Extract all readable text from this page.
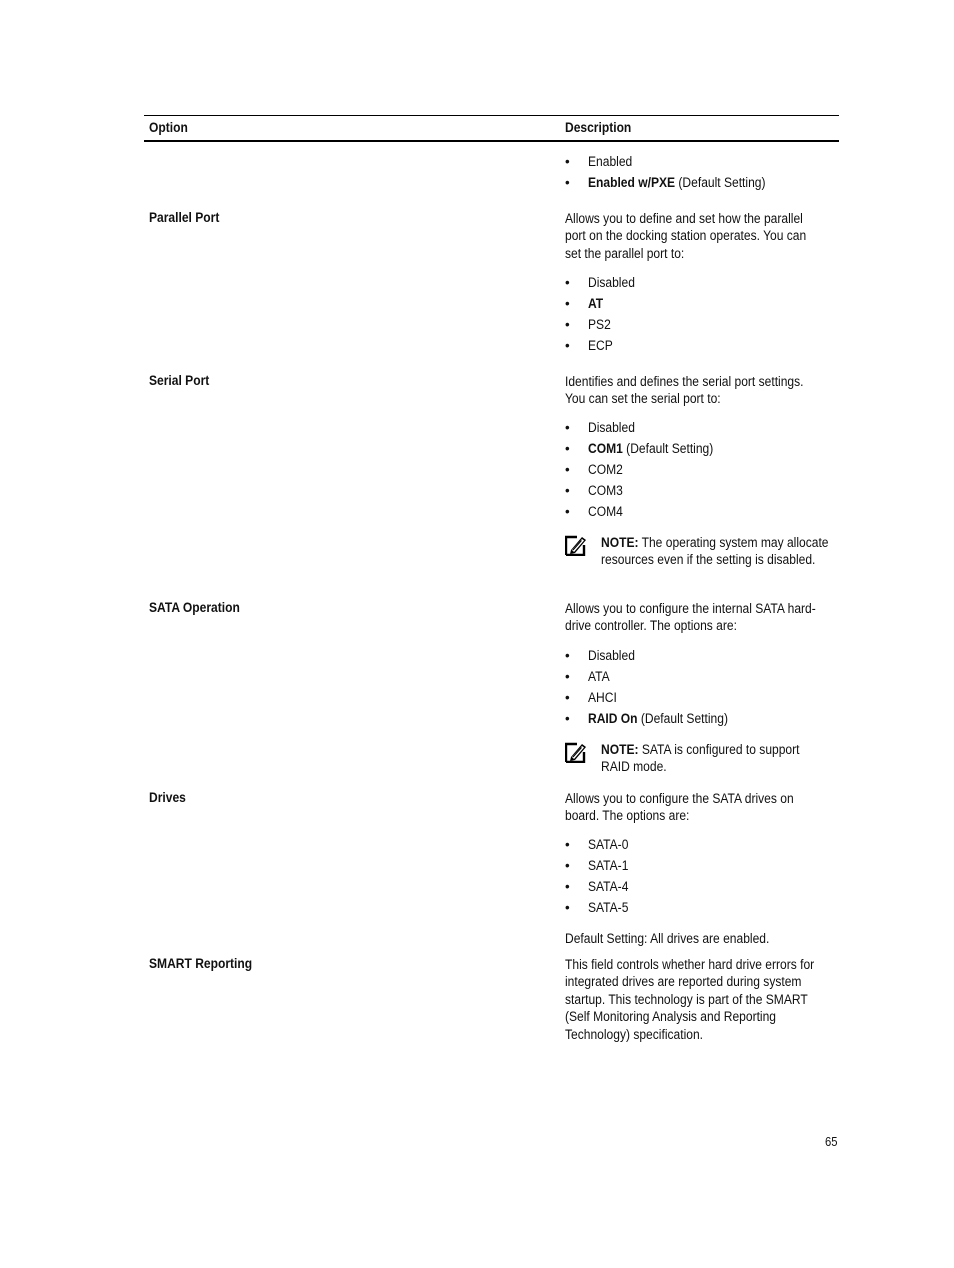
Option	Description
• Enabled
• Enabled w/PXE (Default Setting)
Parallel Port	Allows you to define and set how the parallel port on the docking station operates. You can set the parallel port to:
• Disabled
• AT
• PS2
• ECP
Serial Port	Identifies and defines the serial port settings. You can set the serial port to:
• Disabled
• COM1 (Default Setting)
• COM2
• COM3
• COM4
NOTE: The operating system may allocate resources even if the setting is disabled.
SATA Operation	Allows you to configure the internal SATA hard-drive controller. The options are:
• Disabled
• ATA
• AHCI
• RAID On (Default Setting)
NOTE: SATA is configured to support RAID mode.
Drives	Allows you to configure the SATA drives on board. The options are:
• SATA-0
• SATA-1
• SATA-4
• SATA-5
Default Setting: All drives are enabled.
SMART Reporting	This field controls whether hard drive errors for integrated drives are reported during system startup. This technology is part of the SMART (Self Monitoring Analysis and Reporting Technology) specification.
65
